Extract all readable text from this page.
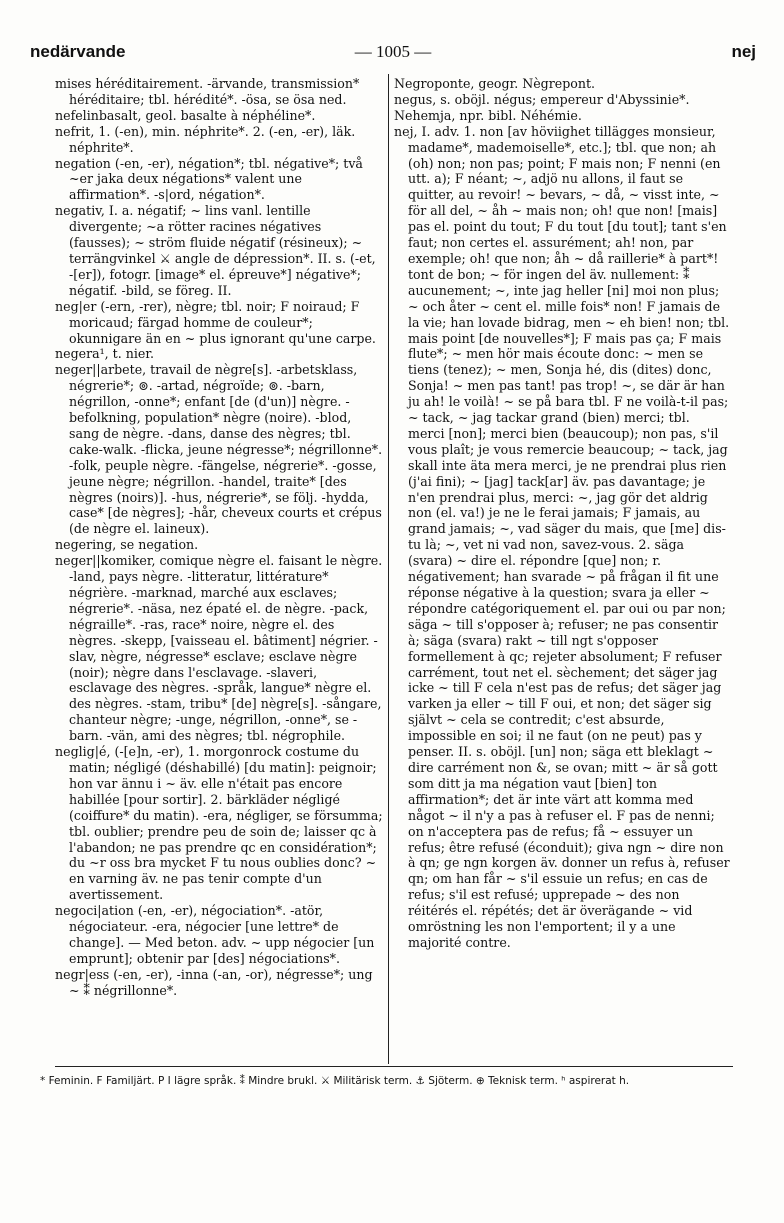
nedärvande	— 1005 —	nej

mises héréditairement. -ärvande, transmission* héréditaire; tbl. hérédité*. -ösa, se ösa ned.

nefelinbasalt, geol. basalte à néphéline*.

nefrit, 1. (-en), min. néphrite*. 2. (-en, -er), läk. néphrite*.

negation (-en, -er), négation*; tbl. négative*; två ~er jaka deux négations* valent une affirmation*. -s|ord, négation*.

negativ, I. a. négatif; ~ lins vanl. lentille divergente; ~a rötter racines négatives (fausses); ~ ström fluide négatif (résineux); ~ terrängvinkel ⚔ angle de dépression*. II. s. (-et, -[er]), fotogr. [image* el. épreuve*] négative*; négatif. -bild, se föreg. II.

neg|er (-ern, -rer), nègre; tbl. noir; F noiraud; F moricaud; färgad homme de couleur*; okunnigare än en ~ plus ignorant qu'une carpe.

negera¹, t. nier.

neger||arbete, travail de nègre[s]. -arbetsklass, négrerie*; ⊚. -artad, négroïde; ⊚. -barn, négrillon, -onne*; enfant [de (d'un)] nègre. -befolkning, population* nègre (noire). -blod, sang de nègre. -dans, danse des nègres; tbl. cake-walk. -flicka, jeune négresse*; négrillonne*. -folk, peuple nègre. -fängelse, négrerie*. -gosse, jeune nègre; négrillon. -handel, traite* [des nègres (noirs)]. -hus, négrerie*, se följ. -hydda, case* [de nègres]; -hår, cheveux courts et crépus (de nègre el. laineux).

negering, se negation.

neger||komiker, comique nègre el. faisant le nègre. -land, pays nègre. -litteratur, littérature* négrière. -marknad, marché aux esclaves; négrerie*. -näsa, nez épaté el. de nègre. -pack, négraille*. -ras, race* noire, nègre el. des nègres. -skepp, [vaisseau el. bâtiment] négrier. -slav, nègre, négresse* esclave; esclave nègre (noir); nègre dans l'esclavage. -slaveri, esclavage des nègres. -språk, langue* nègre el. des nègres. -stam, tribu* [de] nègre[s]. -sångare, chanteur nègre; -unge, négrillon, -onne*, se -barn. -vän, ami des nègres; tbl. négrophile.

neglig|é, (-[e]n, -er), 1. morgonrock costume du matin; négligé (déshabillé) [du matin]: peignoir; hon var ännu i ~ äv. elle n'était pas encore habillée [pour sortir]. 2. bärkläder négligé (coiffure* du matin). -era, négliger, se försumma; tbl. oublier; prendre peu de soin de; laisser qc à l'abandon; ne pas prendre qc en considération*; du ~r oss bra mycket F tu nous oublies donc? ~ en varning äv. ne pas tenir compte d'un avertissement.

negoci|ation (-en, -er), négociation*. -atör, négociateur. -era, négocier [une lettre* de change]. — Med beton. adv. ~ upp négocier [un emprunt]; obtenir par [des] négociations*.

negr|ess (-en, -er), -inna (-an, -or), négresse*; ung ~ ⁑ négrillonne*.

Negroponte, geogr. Nègrepont.

negus, s. oböjl. négus; empereur d'Abyssinie*.

Nehemja, npr. bibl. Néhémie.

nej, I. adv. 1. non [av höviighet tillägges monsieur, madame*, mademoiselle*, etc.]; tbl. que non; ah (oh) non; non pas; point; F mais non; F nenni (en utt. a); F néant; ~, adjö nu allons, il faut se quitter, au revoir! ~ bevars, ~ då, ~ visst inte, ~ för all del, ~ åh ~ mais non; oh! que non! [mais] pas el. point du tout; F du tout [du tout]; tant s'en faut; non certes el. assurément; ah! non, par exemple; oh! que non; åh ~ då raillerie* à part*! tont de bon; ~ för ingen del äv. nullement: ⁑ aucunement; ~, inte jag heller [ni] moi non plus; ~ och åter ~ cent el. mille fois* non! F jamais de la vie; han lovade bidrag, men ~ eh bien! non; tbl. mais point [de nouvelles*]; F mais pas ça; F mais flute*; ~ men hör mais écoute donc: ~ men se tiens (tenez); ~ men, Sonja hé, dis (dites) donc, Sonja! ~ men pas tant! pas trop! ~, se där är han ju ah! le voilà! ~ se på bara tbl. F ne voilà-t-il pas; ~ tack, ~ jag tackar grand (bien) merci; tbl. merci [non]; merci bien (beaucoup); non pas, s'il vous plaît; je vous remercie beaucoup; ~ tack, jag skall inte äta mera merci, je ne prendrai plus rien (j'ai fini); ~ [jag] tack[ar] äv. pas davantage; je n'en prendrai plus, merci: ~, jag gör det aldrig non (el. va!) je ne le ferai jamais; F jamais, au grand jamais; ~, vad säger du mais, que [me] dis-tu là; ~, vet ni vad non, savez-vous. 2. säga (svara) ~ dire el. répondre [que] non; r. négativement; han svarade ~ på frågan il fit une réponse négative à la question; svara ja eller ~ répondre catégoriquement el. par oui ou par non; säga ~ till s'opposer à; refuser; ne pas consentir à; säga (svara) rakt ~ till ngt s'opposer formellement à qc; rejeter absolument; F refuser carrément, tout net el. sèchement; det säger jag icke ~ till F cela n'est pas de refus; det säger jag varken ja eller ~ till F oui, et non; det säger sig självt ~ cela se contredit; c'est absurde, impossible en soi; il ne faut (on ne peut) pas y penser. II. s. oböjl. [un] non; säga ett bleklagt ~ dire carrément non &, se ovan; mitt ~ är så gott som ditt ja ma négation vaut [bien] ton affirmation*; det är inte värt att komma med något ~ il n'y a pas à refuser el. F pas de nenni; on n'acceptera pas de refus; få ~ essuyer un refus; être refusé (éconduit); giva ngn ~ dire non à qn; ge ngn korgen äv. donner un refus à, refuser qn; om han får ~ s'il essuie un refus; en cas de refus; s'il est refusé; upprepade ~ des non réitérés el. répétés; det är överägande ~ vid omröstning les non l'emportent; il y a une majorité contre.

* Feminin. F Familjärt. P I lägre språk. ⁑ Mindre brukl. ⚔ Militärisk term. ⚓ Sjöterm. ⊕ Teknisk term. ʰ aspirerat h.
